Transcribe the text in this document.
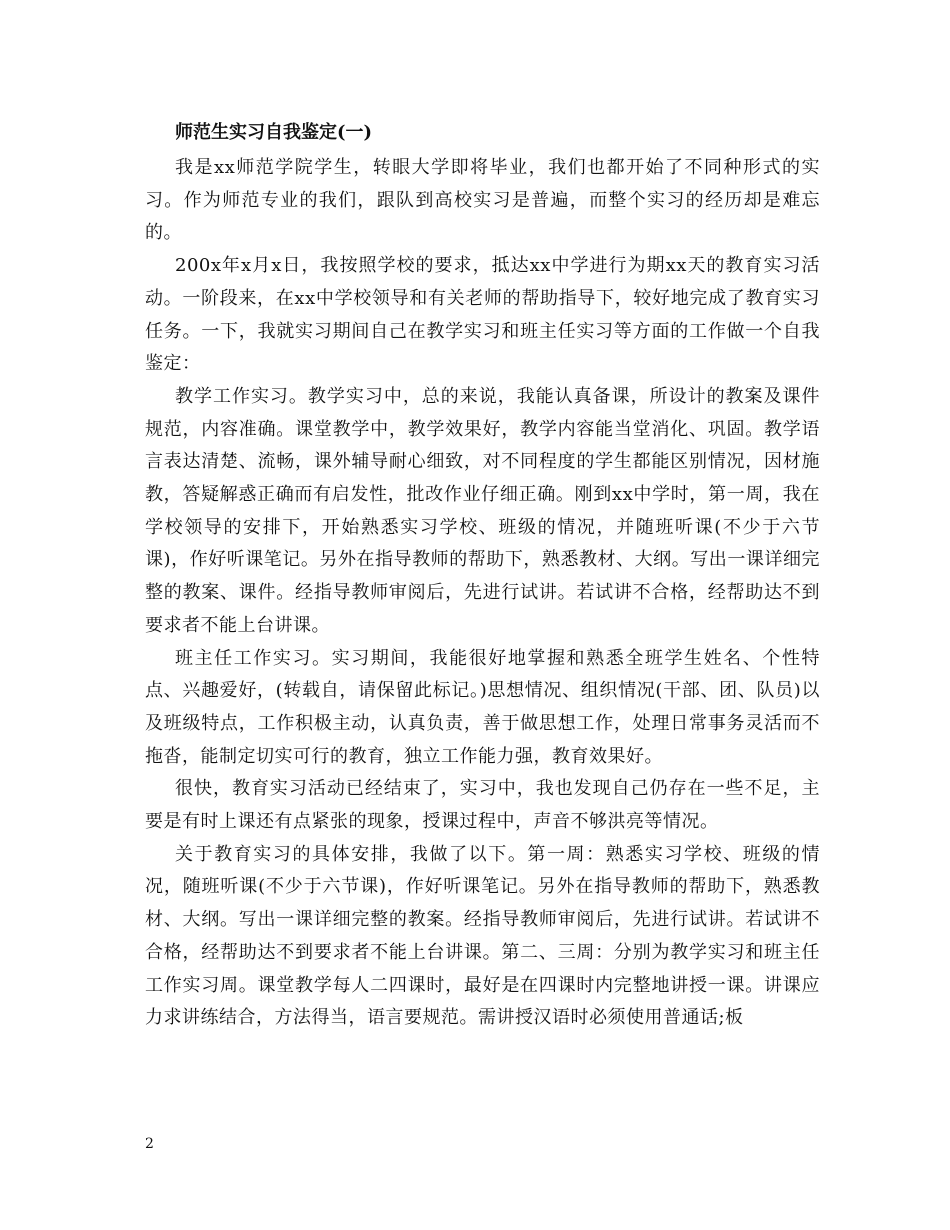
师范生实习自我鉴定(一)

我是xx师范学院学生，转眼大学即将毕业，我们也都开始了不同种形式的实习。作为师范专业的我们，跟队到高校实习是普遍，而整个实习的经历却是难忘的。

200x年x月x日，我按照学校的要求，抵达xx中学进行为期xx天的教育实习活动。一阶段来，在xx中学校领导和有关老师的帮助指导下，较好地完成了教育实习任务。一下，我就实习期间自己在教学实习和班主任实习等方面的工作做一个自我鉴定：

教学工作实习。教学实习中，总的来说，我能认真备课，所设计的教案及课件规范，内容准确。课堂教学中，教学效果好，教学内容能当堂消化、巩固。教学语言表达清楚、流畅，课外辅导耐心细致，对不同程度的学生都能区别情况，因材施教，答疑解惑正确而有启发性，批改作业仔细正确。刚到xx中学时，第一周，我在学校领导的安排下，开始熟悉实习学校、班级的情况，并随班听课(不少于六节课)，作好听课笔记。另外在指导教师的帮助下，熟悉教材、大纲。写出一课详细完整的教案、课件。经指导教师审阅后，先进行试讲。若试讲不合格，经帮助达不到要求者不能上台讲课。

班主任工作实习。实习期间，我能很好地掌握和熟悉全班学生姓名、个性特点、兴趣爱好，(转载自，请保留此标记。)思想情况、组织情况(干部、团、队员)以及班级特点，工作积极主动，认真负责，善于做思想工作，处理日常事务灵活而不拖沓，能制定切实可行的教育，独立工作能力强，教育效果好。

很快，教育实习活动已经结束了，实习中，我也发现自己仍存在一些不足，主要是有时上课还有点紧张的现象，授课过程中，声音不够洪亮等情况。

关于教育实习的具体安排，我做了以下。第一周：熟悉实习学校、班级的情况，随班听课(不少于六节课)，作好听课笔记。另外在指导教师的帮助下，熟悉教材、大纲。写出一课详细完整的教案。经指导教师审阅后，先进行试讲。若试讲不合格，经帮助达不到要求者不能上台讲课。第二、三周：分别为教学实习和班主任工作实习周。课堂教学每人二四课时，最好是在四课时内完整地讲授一课。讲课应力求讲练结合，方法得当，语言要规范。需讲授汉语时必须使用普通话;板

2
